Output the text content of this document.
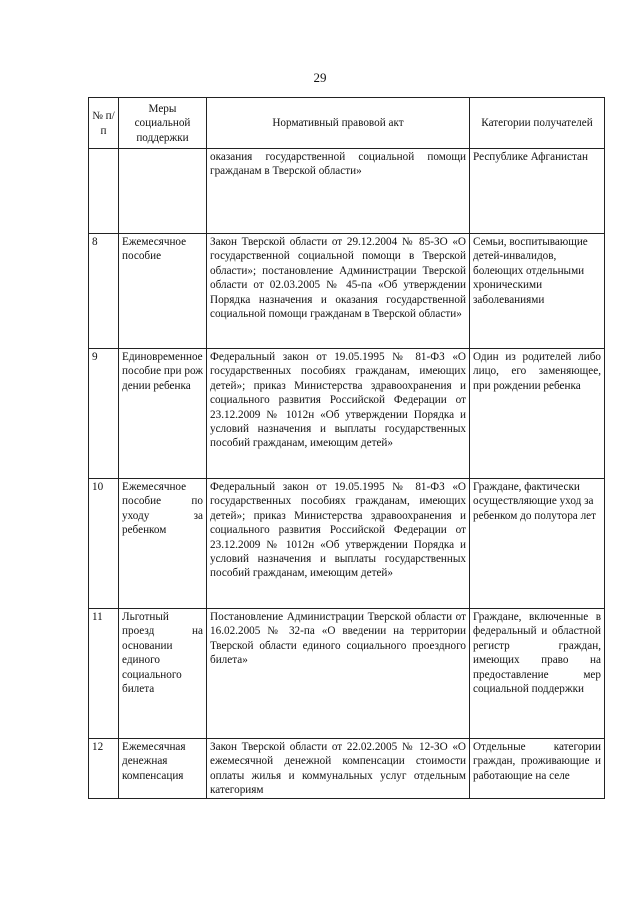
29
№ п/п	Меры социальной поддержки	Нормативный правовой акт	Категории получателей
		оказания государственной социальной помощи гражданам в Тверской области»	Республике Афганистан
8	Ежемесячное пособие	Закон Тверской области от 29.12.2004 № 85-ЗО «О государственной социальной помощи в Тверской области»; постановление Администрации Тверской области от 02.03.2005 № 45-па «Об утверждении Порядка назначения и оказания государственной социальной помощи гражданам в Тверской области»	Семьи, воспитывающие детей-инвалидов, болеющих отдельными хроническими заболеваниями
9	Единовременное пособие при рождении ребенка	Федеральный закон от 19.05.1995 № 81-ФЗ «О государственных пособиях гражданам, имеющих детей»; приказ Министерства здравоохранения и социального развития Российской Федерации от 23.12.2009 № 1012н «Об утверждении Порядка и условий назначения и выплаты государственных пособий гражданам, имеющим детей»	Один из родителей либо лицо, его заменяющее, при рождении ребенка
10	Ежемесячное пособие по уходу за ребенком	Федеральный закон от 19.05.1995 № 81-ФЗ «О государственных пособиях гражданам, имеющих детей»; приказ Министерства здравоохранения и социального развития Российской Федерации от 23.12.2009 № 1012н «Об утверждении Порядка и условий назначения и выплаты государственных пособий гражданам, имеющим детей»	Граждане, фактически осуществляющие уход за ребенком до полутора лет
11	Льготный проезд на основании единого социального билета	Постановление Администрации Тверской области от 16.02.2005 № 32-па «О введении на территории Тверской области единого социального проездного билета»	Граждане, включенные в федеральный и областной регистр граждан, имеющих право на предоставление мер социальной поддержки
12	Ежемесячная денежная компенсация	Закон Тверской области от 22.02.2005 № 12-ЗО «О ежемесячной денежной компенсации стоимости оплаты жилья и коммунальных услуг отдельным категориям	Отдельные категории граждан, проживающие и работающие на селе
